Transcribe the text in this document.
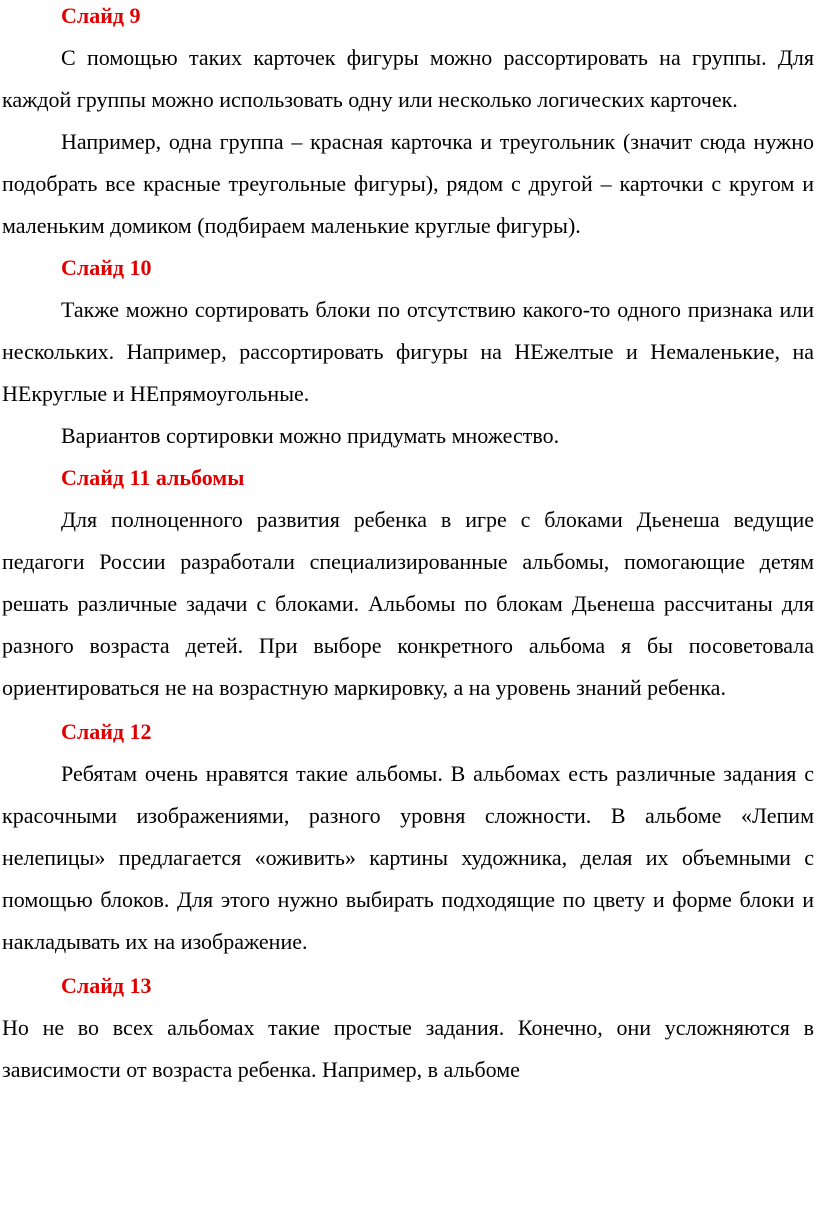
Слайд 9

С помощью таких карточек фигуры можно рассортировать на группы. Для каждой группы можно использовать одну или несколько логических карточек.

Например, одна группа – красная карточка и треугольник (значит сюда нужно подобрать все красные треугольные фигуры), рядом с другой – карточки с кругом и маленьким домиком (подбираем маленькие круглые фигуры).

Слайд 10

Также можно сортировать блоки по отсутствию какого-то одного признака или нескольких. Например, рассортировать фигуры на НЕжелтые и Немаленькие, на НЕкруглые и НЕпрямоугольные.

Вариантов сортировки можно придумать множество.

Слайд 11 альбомы

Для полноценного развития ребенка в игре с блоками Дьенеша ведущие педагоги России разработали специализированные альбомы, помогающие детям решать различные задачи с блоками. Альбомы по блокам Дьенеша рассчитаны для разного возраста детей. При выборе конкретного альбома я бы посоветовала ориентироваться не на возрастную маркировку, а на уровень знаний ребенка.

Слайд 12

Ребятам очень нравятся такие альбомы. В альбомах есть различные задания с красочными изображениями, разного уровня сложности. В альбоме «Лепим нелепицы» предлагается «оживить» картины художника, делая их объемными с помощью блоков. Для этого нужно выбирать подходящие по цвету и форме блоки и накладывать их на изображение.

Слайд 13

Но не во всех альбомах такие простые задания. Конечно, они усложняются в зависимости от возраста ребенка. Например, в альбоме
